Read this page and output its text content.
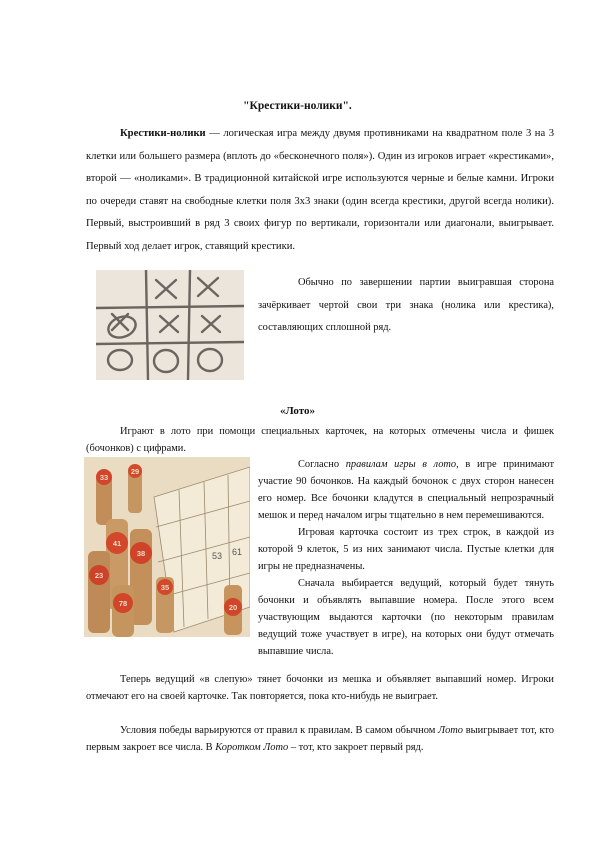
"Крестики-нолики".
Крестики-нолики — логическая игра между двумя противниками на квадратном поле 3 на 3 клетки или большего размера (вплоть до «бесконечного поля»). Один из игроков играет «крестиками», второй — «ноликами». В традиционной китайской игре используются черные и белые камни. Игроки по очереди ставят на свободные клетки поля 3x3 знаки (один всегда крестики, другой всегда нолики). Первый, выстроивший в ряд 3 своих фигур по вертикали, горизонтали или диагонали, выигрывает. Первый ход делает игрок, ставящий крестики.
Обычно по завершении партии выигравшая сторона зачёркивает чертой свои три знака (нолика или крестика), составляющих сплошной ряд.
«Лото»
Играют в лото при помощи специальных карточек, на которых отмечены числа и фишек (бочонков) с цифрами.
53 61
29
33
41
38
23
78
35
20

Согласно правилам игры в лото, в игре принимают участие 90 бочонков. На каждый бочонок с двух сторон нанесен его номер. Все бочонки кладутся в специальный непрозрачный мешок и перед началом игры тщательно в нем перемешиваются.

Игровая карточка состоит из трех строк, в каждой из которой 9 клеток, 5 из них занимают числа. Пустые клетки для игры не предназначены.

Сначала выбирается ведущий, который будет тянуть бочонки и объявлять выпавшие номера. После этого всем участвующим выдаются карточки (по некоторым правилам ведущий тоже участвует в игре), на которых они будут отмечать выпавшие числа.

Теперь ведущий «в слепую» тянет бочонки из мешка и объявляет выпавший номер. Игроки отмечают его на своей карточке. Так повторяется, пока кто-нибудь не выиграет.

Условия победы варьируются от правил к правилам. В самом обычном Лото выигрывает тот, кто первым закроет все числа. В Коротком Лото – тот, кто закроет первый ряд.
